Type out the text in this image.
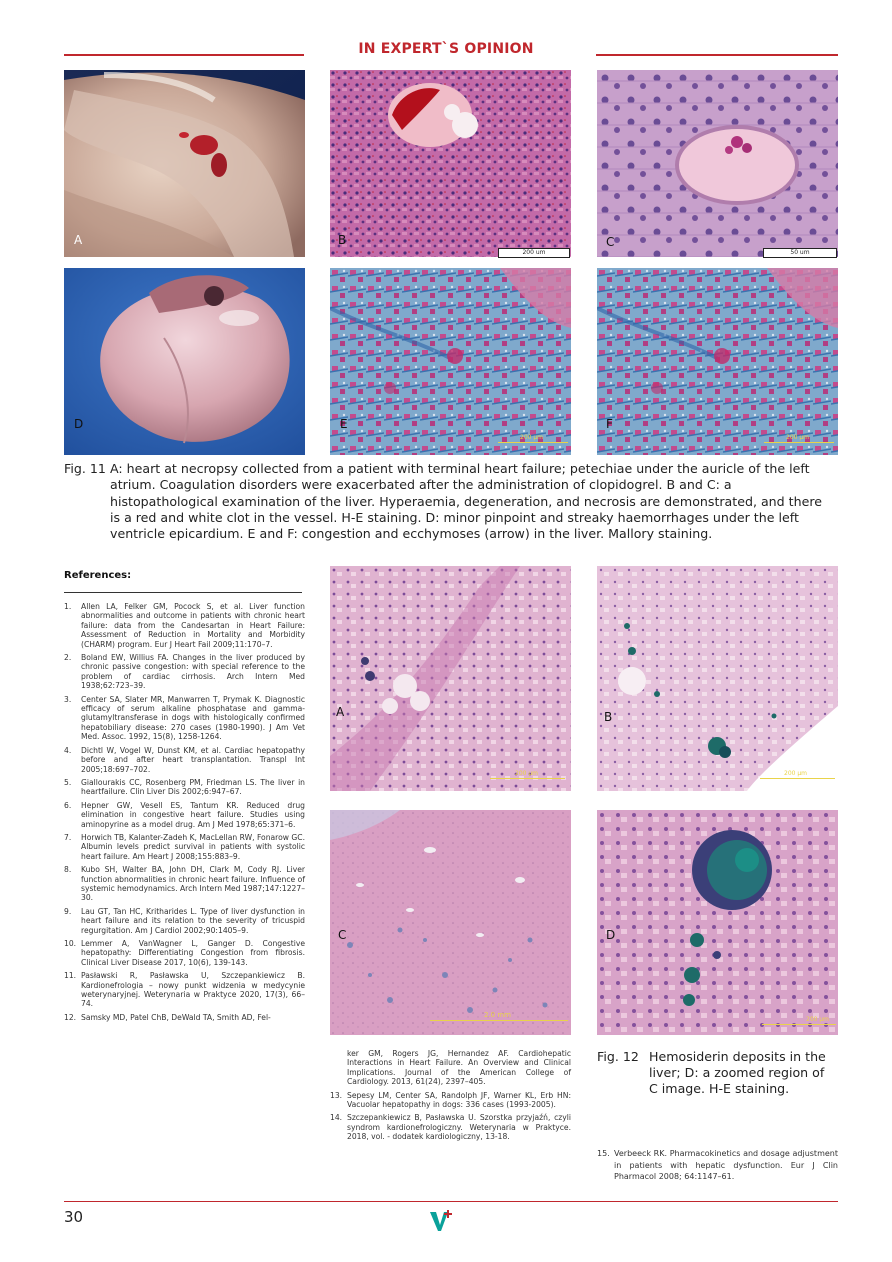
IN EXPERT`S OPINION
A	B
200 um
C
50 um
D	E
200 μm
F
200 μm
Fig. 11 A: heart at necropsy collected from a patient with terminal heart failure; petechiae under the auricle of the left atrium. Coagulation disorders were exacerbated after the administration of clopidogrel. B and C: a histopathological examination of the liver. Hyperaemia, degeneration, and necrosis are demonstrated, and there is a red and white clot in the vessel. H-E staining. D: minor pinpoint and streaky haemorrhages under the left ventricle epicardium. E and F: congestion and ecchymoses (arrow) in the liver. Mallory staining.
References:
1. Allen LA, Felker GM, Pocock S, et al. Liver function abnormalities and outcome in patients with chronic heart failure: data from the Candesartan in Heart Failure: Assessment of Reduction in Mortality and Morbidity (CHARM) program. Eur J Heart Fail 2009;11:170–7.
2. Boland EW, Willius FA. Changes in the liver produced by chronic passive congestion: with special reference to the problem of cardiac cirrhosis. Arch Intern Med 1938;62:723–39.
3. Center SA, Slater MR, Manwarren T, Prymak K. Diagnostic efficacy of serum alkaline phosphatase and gamma-glutamyltransferase in dogs with histologically confirmed hepatobiliary disease: 270 cases (1980-1990). J Am Vet Med. Assoc. 1992, 15(8), 1258-1264.
4. Dichtl W, Vogel W, Dunst KM, et al. Cardiac hepatopathy before and after heart transplantation. Transpl Int 2005;18:697–702.
5. Giallourakis CC, Rosenberg PM, Friedman LS. The liver in heartfailure. Clin Liver Dis 2002;6:947–67.
6. Hepner GW, Vesell ES, Tantum KR. Reduced drug elimination in congestive heart failure. Studies using aminopyrine as a model drug. Am J Med 1978;65:371–6.
7. Horwich TB, Kalanter-Zadeh K, MacLellan RW, Fonarow GC. Albumin levels predict survival in patients with systolic heart failure. Am Heart J 2008;155:883–9.
8. Kubo SH, Walter BA, John DH, Clark M, Cody RJ. Liver function abnormalities in chronic heart failure. Influence of systemic hemodynamics. Arch Intern Med 1987;147:1227–30.
9. Lau GT, Tan HC, Kritharides L. Type of liver dysfunction in heart failure and its relation to the severity of tricuspid regurgitation. Am J Cardiol 2002;90:1405–9.
10. Lemmer A, VanWagner L, Ganger D. Congestive hepatopathy: Differentiating Congestion from fibrosis. Clinical Liver Disease 2017, 10(6), 139-143.
11. Pasławski R, Pasławska U, Szczepankiewicz B. Kardionefrologia – nowy punkt widzenia w medycynie weterynaryjnej. Weterynaria w Praktyce 2020, 17(3), 66–74.
12. Samsky MD, Patel ChB, DeWald TA, Smith AD, Fel-
A
200 μm
B
200 μm
C
2.0 mm
D
200 μm
ker GM, Rogers JG, Hernandez AF. Cardiohepatic Interactions in Heart Failure. An Overview and Clinical Implications. Journal of the American College of Cardiology. 2013, 61(24), 2397–405.
13. Sepesy LM, Center SA, Randolph JF, Warner KL, Erb HN: Vacuolar hepatopathy in dogs: 336 cases (1993-2005).
14. Szczepankiewicz B, Pasławska U. Szorstka przyjaźń, czyli syndrom kardionefrologiczny. Weterynaria w Praktyce. 2018, vol. - dodatek kardiologiczny, 13-18.
Fig. 12 Hemosiderin deposits in the liver; D: a zoomed region of C image. H-E staining.
15. Verbeeck RK. Pharmacokinetics and dosage adjustment in patients with hepatic dysfunction. Eur J Clin Pharmacol 2008; 64:1147–61.
30
